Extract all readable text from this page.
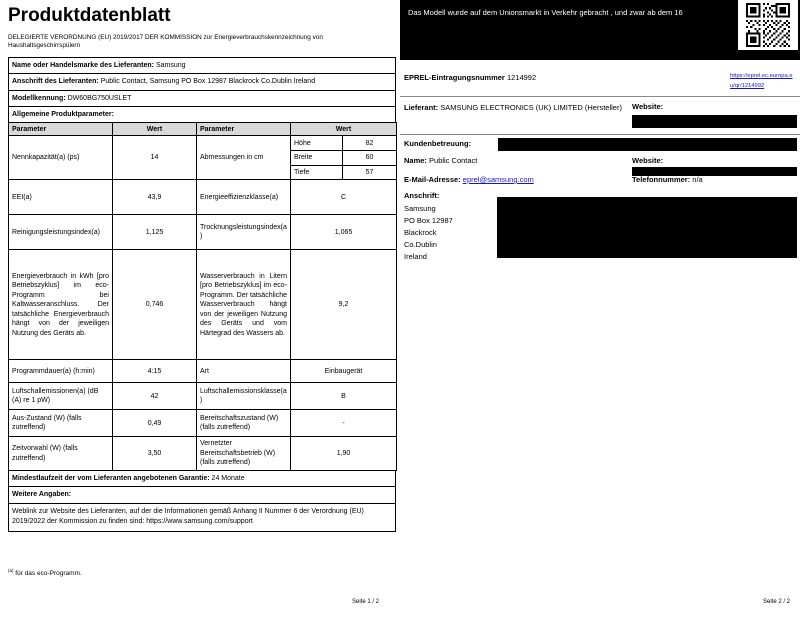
Produktdatenblatt
DELEGIERTE VERORDNUNG (EU) 2019/2017 DER KOMMISSION zur Energieverbrauchskennzeichnung von Haushaltsgeschirrspülern
Name oder Handelsmarke des Lieferanten: Samsung
Anschrift des Lieferanten: Public Contact, Samsung PO Box 12987 Blackrock Co.Dublin Ireland
Modellkennung: DW60BG750USLET
Allgemeine Produktparameter:
Parameter	Wert	Parameter	Wert
Nennkapazität(a) (ps)	14	Abmessungen in cm	
Höhe	82
Breite	60
Tiefe	57

EEI(a)	43,9	Energieeffizienzklasse(a)	C
Reinigungsleistungsindex(a)	1,125	Trocknungsleistungsindex(a)	1,065
Energieverbrauch in kWh [pro Betriebszyklus] im eco-Programm bei Kaltwasseranschluss. Der tatsächliche Energieverbrauch hängt von der jeweiligen Nutzung des Geräts ab.	0,746	Wasserverbrauch in Litern [pro Betriebszyklus] im eco-Programm. Der tatsächliche Wasserverbrauch hängt von der jeweiligen Nutzung des Geräts und vom Härtegrad des Wassers ab.	9,2
Programmdauer(a) (h:min)	4:15	Art	Einbaugerät
Luftschallemissionen(a) (dB (A) re 1 pW)	42	Luftschallemissionsklasse(a)	B
Aus-Zustand (W) (falls zutreffend)	0,49	Bereitschaftszustand (W) (falls zutreffend)	-
Zeitvorwahl (W) (falls zutreffend)	3,50	Vernetzter Bereitschaftsbetrieb (W) (falls zutreffend)	1,90
Mindestlaufzeit der vom Lieferanten angebotenen Garantie: 24 Monate
Weitere Angaben:
Weblink zur Website des Lieferanten, auf der die Informationen gemäß Anhang II Nummer 6 der Verordnung (EU) 2019/2022 der Kommission zu finden sind: https://www.samsung.com/support
$^{(a)}$ für das eco-Programm.
Seite 1 / 2	Seite 2 / 2
Das Modell wurde auf dem Unionsmarkt in Verkehr gebracht , und zwar ab dem 16
EPREL-Eintragungsnummer 1214992	https://eprel.ec.europa.eu/qr/1214992
Lieferant: SAMSUNG ELECTRONICS (UK) LIMITED (Hersteller)	Website:
Kundenbetreuung:
Name: Public Contact	Website:
E-Mail-Adresse: eprel@samsung.com	Telefonnummer: n/a
Anschrift:
Samsung
PO Box 12987
Blackrock
Co.Dublin
Ireland
